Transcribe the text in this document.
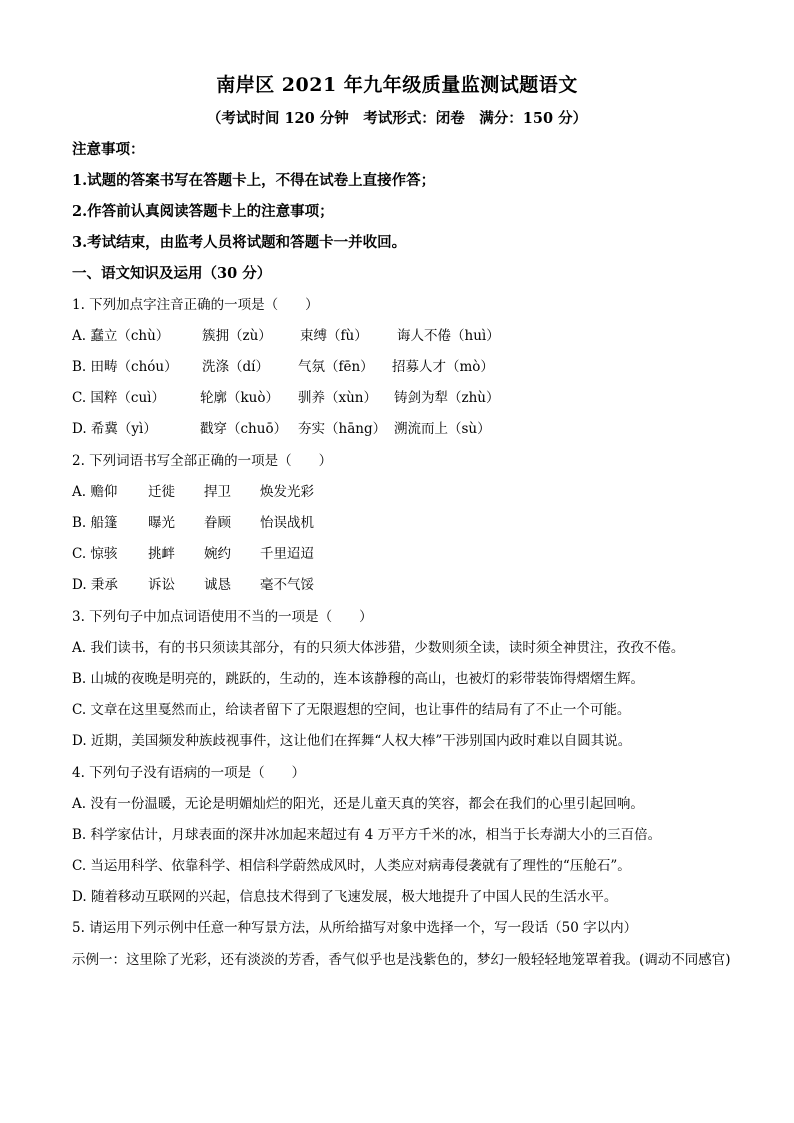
南岸区 2021 年九年级质量监测试题语文
（考试时间 120 分钟　考试形式：闭卷　满分：150 分）
注意事项：
1.试题的答案书写在答题卡上，不得在试卷上直接作答；
2.作答前认真阅读答题卡上的注意事项；
3.考试结束，由监考人员将试题和答题卡一并收回。
一、语文知识及运用（30 分）
1. 下列加点字注音正确的一项是（　　）
A. 蠢立（chù） 簇拥（zù） 束缚（fù） 诲人不倦（huì）
B. 田畴（chóu） 洗涤（dí） 气氛（fēn） 招募人才（mò）
C. 国粹（cuì）	轮廓（kuò） 驯养（xùn） 铸剑为犁（zhù）
D. 希冀（yì）	戳穿（chuō） 夯实（hāng） 溯流而上（sù）
2. 下列词语书写全部正确的一项是（　　）
A. 赡仰 迁徙 捍卫 焕发光彩
B. 船篷 曝光 眷顾 怡误战机
C. 惊骇 挑衅 婉约 千里迢迢
D. 秉承 诉讼 诚恳 毫不气馁
3. 下列句子中加点词语使用不当的一项是（　　）
A. 我们读书，有的书只须读其部分，有的只须大体涉猎，少数则须全读，读时须全神贯注，孜孜不倦。
B. 山城的夜晚是明亮的，跳跃的，生动的，连本该静穆的高山，也被灯的彩带装饰得熠熠生辉。
C. 文章在这里戛然而止，给读者留下了无限遐想的空间，也让事件的结局有了不止一个可能。
D. 近期，美国频发种族歧视事件，这让他们在挥舞“人权大棒”干涉别国内政时难以自圆其说。
4. 下列句子没有语病的一项是（　　）
A. 没有一份温暖，无论是明媚灿烂的阳光，还是儿童天真的笑容，都会在我们的心里引起回响。
B. 科学家估计，月球表面的深井冰加起来超过有 4 万平方千米的冰，相当于长寿湖大小的三百倍。
C. 当运用科学、依靠科学、相信科学蔚然成风时，人类应对病毒侵袭就有了理性的“压舱石”。
D. 随着移动互联网的兴起，信息技术得到了飞速发展，极大地提升了中国人民的生活水平。
5. 请运用下列示例中任意一种写景方法，从所给描写对象中选择一个，写一段话（50 字以内）
示例一：这里除了光彩，还有淡淡的芳香，香气似乎也是浅紫色的，梦幻一般轻轻地笼罩着我。(调动不同感官)
